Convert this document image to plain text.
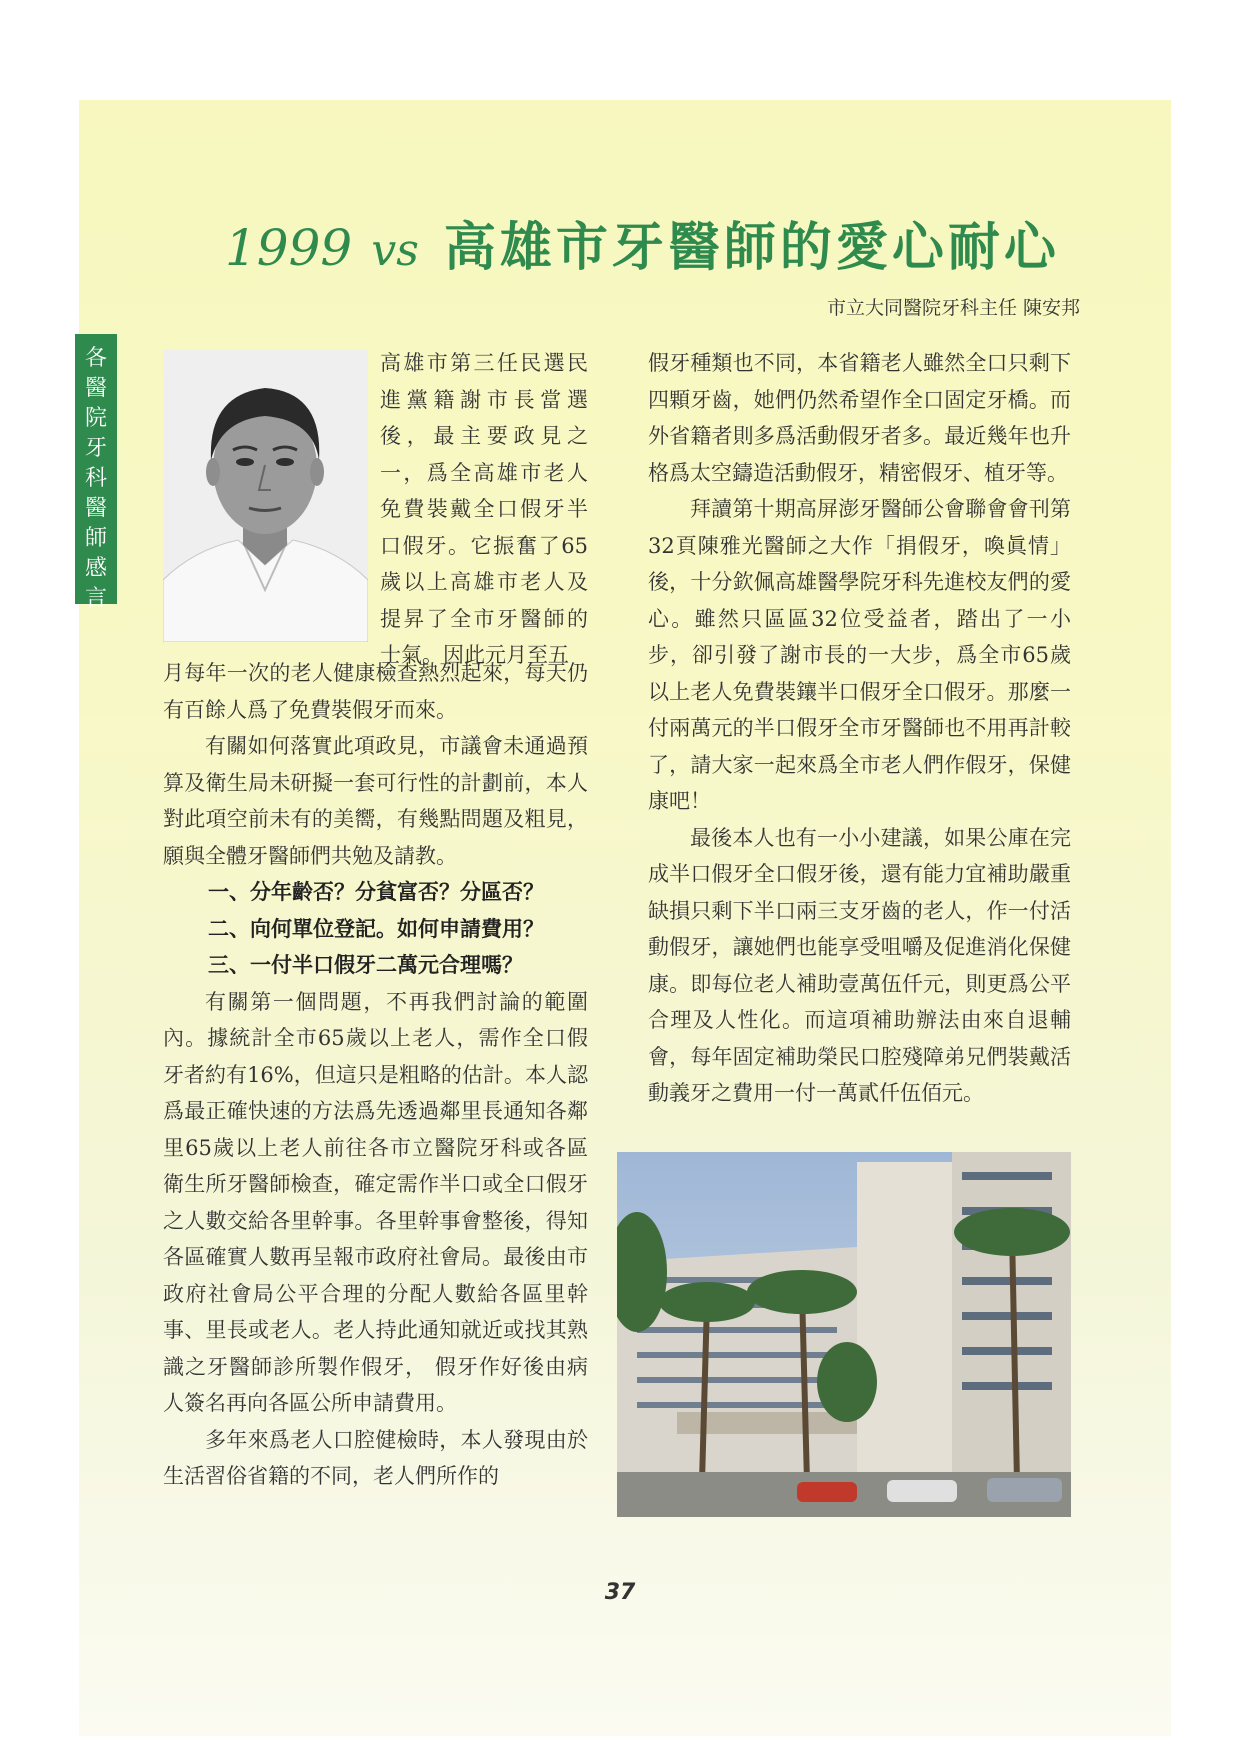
各
醫
院
牙
科
醫
師
感
言
1999 vs 高雄市牙醫師的愛心耐心
市立大同醫院牙科主任 陳安邦
高雄市第三任民選民進黨籍謝市長當選後，最主要政見之一，爲全高雄市老人免費裝戴全口假牙半口假牙。它振奮了65歲以上高雄市老人及提昇了全市牙醫師的士氣。因此元月至五

月每年一次的老人健康檢查熱烈起來，每天仍有百餘人爲了免費裝假牙而來。

有關如何落實此項政見，市議會未通過預算及衛生局未研擬一套可行性的計劃前，本人對此項空前未有的美嚮，有幾點問題及粗見，願與全體牙醫師們共勉及請教。

一、分年齡否？分貧富否？分區否？

二、向何單位登記。如何申請費用？

三、一付半口假牙二萬元合理嗎？

有關第一個問題，不再我們討論的範圍內。據統計全市65歲以上老人，需作全口假牙者約有16%，但這只是粗略的估計。本人認爲最正確快速的方法爲先透過鄰里長通知各鄰里65歲以上老人前往各市立醫院牙科或各區衛生所牙醫師檢查，確定需作半口或全口假牙之人數交給各里幹事。各里幹事會整後，得知各區確實人數再呈報市政府社會局。最後由市政府社會局公平合理的分配人數給各區里幹事、里長或老人。老人持此通知就近或找其熟識之牙醫師診所製作假牙， 假牙作好後由病人簽名再向各區公所申請費用。

多年來爲老人口腔健檢時，本人發現由於生活習俗省籍的不同，老人們所作的

假牙種類也不同，本省籍老人雖然全口只剩下四顆牙齒，她們仍然希望作全口固定牙橋。而外省籍者則多爲活動假牙者多。最近幾年也升格爲太空鑄造活動假牙，精密假牙、植牙等。

拜讀第十期高屏澎牙醫師公會聯會會刊第32頁陳雅光醫師之大作「捐假牙，喚眞情」後，十分欽佩高雄醫學院牙科先進校友們的愛心。雖然只區區32位受益者，踏出了一小步，卻引發了謝市長的一大步，爲全市65歲以上老人免費裝鑲半口假牙全口假牙。那麼一付兩萬元的半口假牙全市牙醫師也不用再計較了，請大家一起來爲全市老人們作假牙，保健康吧！

最後本人也有一小小建議，如果公庫在完成半口假牙全口假牙後，還有能力宜補助嚴重缺損只剩下半口兩三支牙齒的老人，作一付活動假牙，讓她們也能享受咀嚼及促進消化保健康。即每位老人補助壹萬伍仟元，則更爲公平合理及人性化。而這項補助辦法由來自退輔會，每年固定補助榮民口腔殘障弟兄們裝戴活動義牙之費用一付一萬貳仟伍佰元。

37
